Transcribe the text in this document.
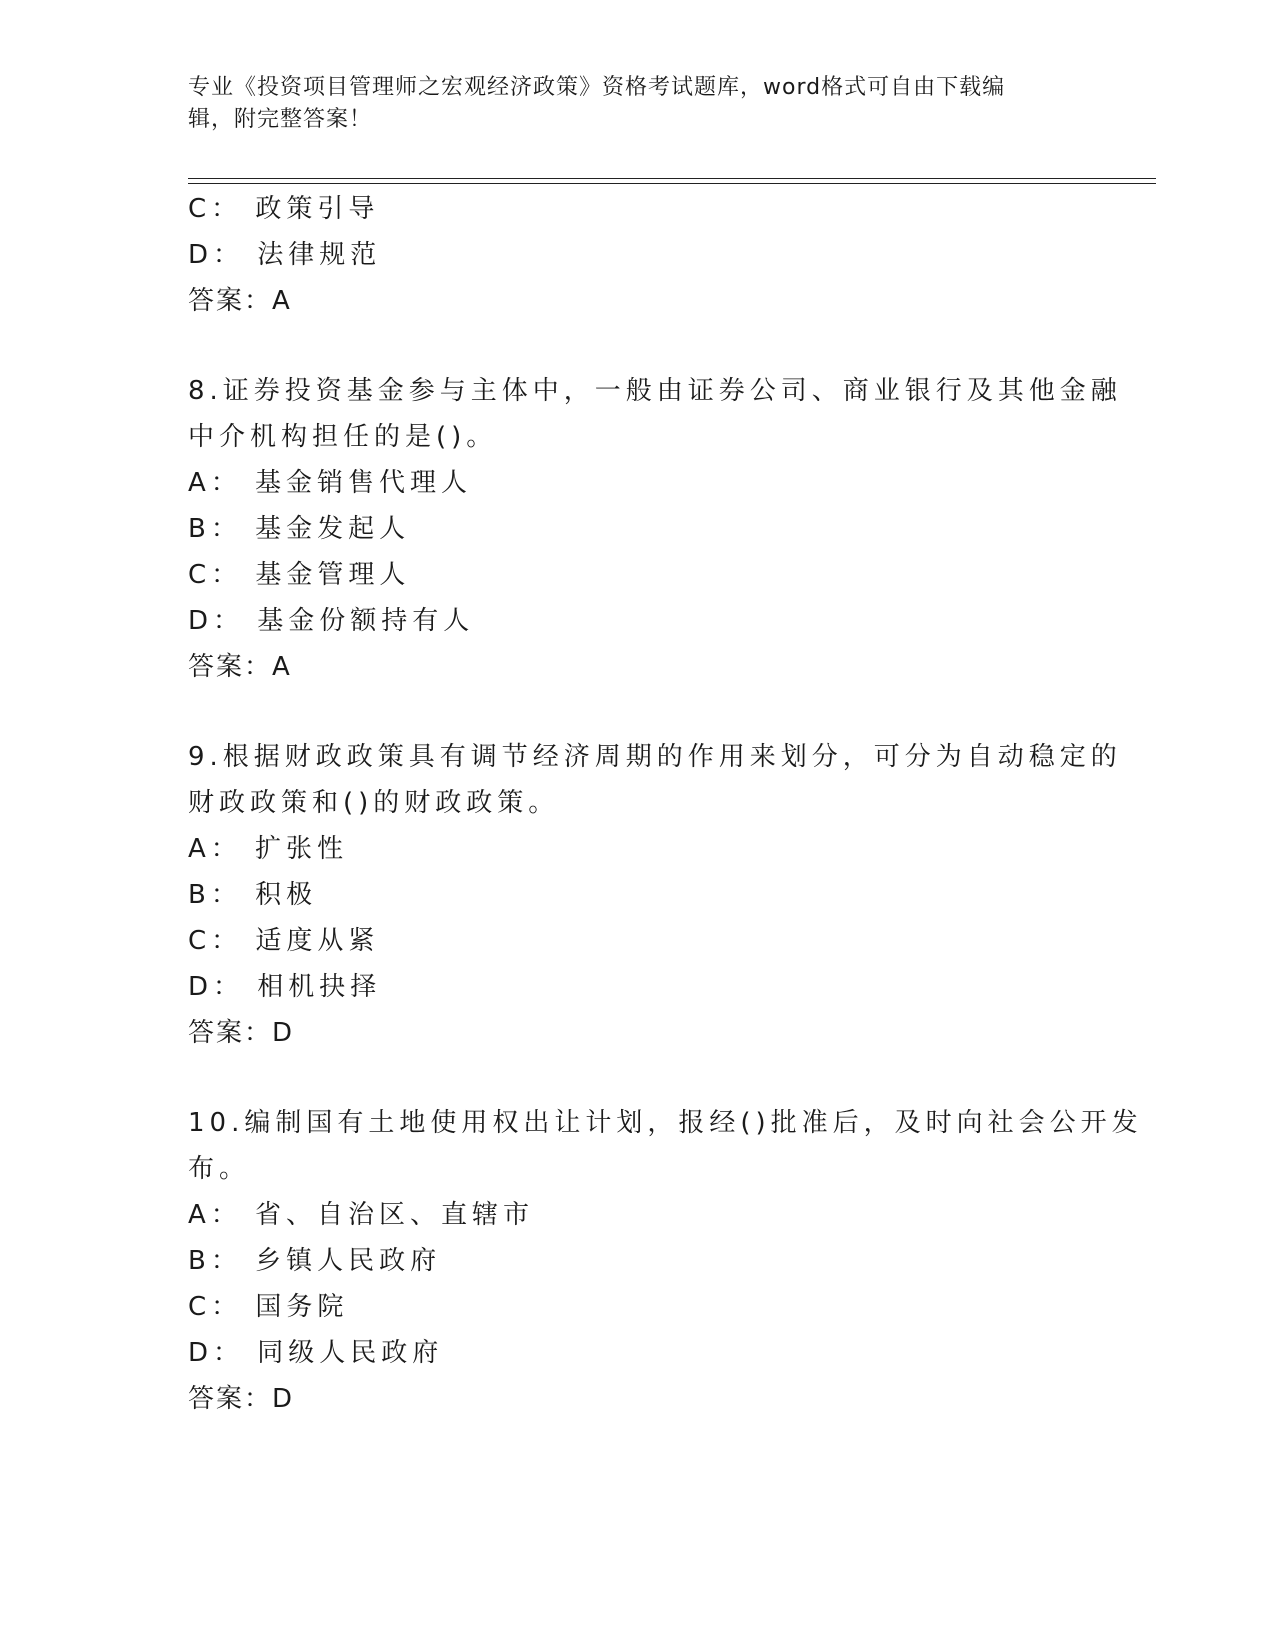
专业《投资项目管理师之宏观经济政策》资格考试题库，word格式可自由下载编
辑，附完整答案！
C： 政策引导
D： 法律规范
答案：A
8.证券投资基金参与主体中，一般由证券公司、商业银行及其他金融
中介机构担任的是()。
A： 基金销售代理人
B： 基金发起人
C： 基金管理人
D： 基金份额持有人
答案：A
9.根据财政政策具有调节经济周期的作用来划分，可分为自动稳定的
财政政策和()的财政政策。
A： 扩张性
B： 积极
C： 适度从紧
D： 相机抉择
答案：D
10.编制国有土地使用权出让计划，报经()批准后，及时向社会公开发
布。
A： 省、自治区、直辖市
B： 乡镇人民政府
C： 国务院
D： 同级人民政府
答案：D
